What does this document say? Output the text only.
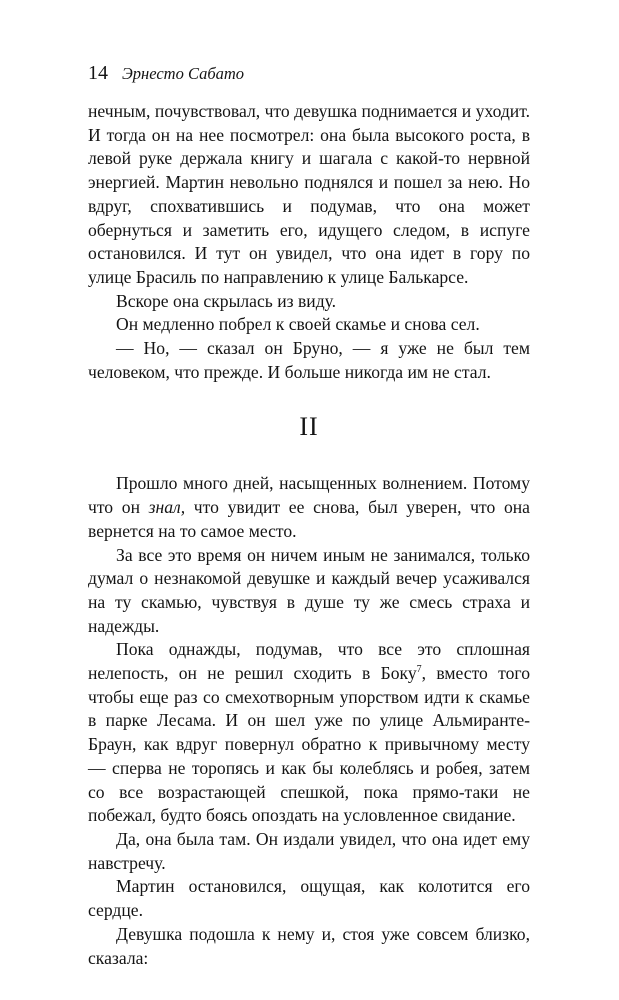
14 Эрнесто Сабато

нечным, почувствовал, что девушка поднимается и уходит. И тогда он на нее посмотрел: она была высокого роста, в левой руке держала книгу и шагала с какой-то нервной энергией. Мартин невольно поднялся и пошел за нею. Но вдруг, спохватившись и подумав, что она может обернуться и заметить его, идущего следом, в испуге остановился. И тут он увидел, что она идет в гору по улице Брасиль по направлению к улице Балькарсе.

Вскоре она скрылась из виду.

Он медленно побрел к своей скамье и снова сел.

— Но, — сказал он Бруно, — я уже не был тем человеком, что прежде. И больше никогда им не стал.

II

Прошло много дней, насыщенных волнением. Потому что он знал, что увидит ее снова, был уверен, что она вернется на то самое место.

За все это время он ничем иным не занимался, только думал о незнакомой девушке и каждый вечер усаживался на ту скамью, чувствуя в душе ту же смесь страха и надежды.

Пока однажды, подумав, что все это сплошная нелепость, он не решил сходить в Боку$^7$, вместо того чтобы еще раз со смехотворным упорством идти к скамье в парке Лесама. И он шел уже по улице Альмиранте-Браун, как вдруг повернул обратно к привычному месту — сперва не торопясь и как бы колеблясь и робея, затем со все возрастающей спешкой, пока прямо-таки не побежал, будто боясь опоздать на условленное свидание.

Да, она была там. Он издали увидел, что она идет ему навстречу.

Мартин остановился, ощущая, как колотится его сердце.

Девушка подошла к нему и, стоя уже совсем близко, сказала:
